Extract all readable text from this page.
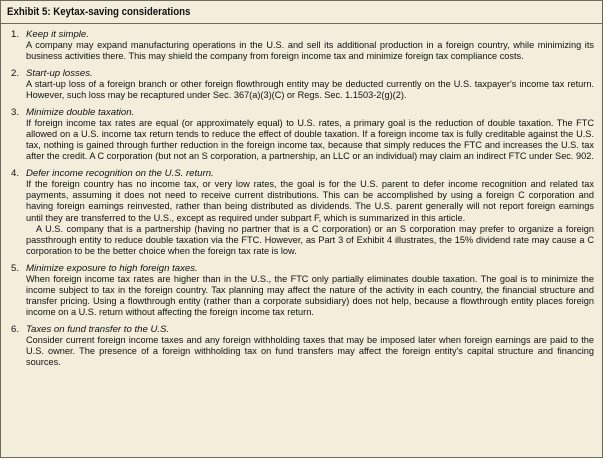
Exhibit 5: Keytax-saving considerations
1. Keep it simple.
A company may expand manufacturing operations in the U.S. and sell its additional production in a foreign country, while minimizing its business activities there. This may shield the company from foreign income tax and minimize foreign tax compliance costs.
2. Start-up losses.
A start-up loss of a foreign branch or other foreign flowthrough entity may be deducted currently on the U.S. taxpayer's income tax return. However, such loss may be recaptured under Sec. 367(a)(3)(C) or Regs. Sec. 1.1503-2(g)(2).
3. Minimize double taxation.
If foreign income tax rates are equal (or approximately equal) to U.S. rates, a primary goal is the reduction of double taxation. The FTC allowed on a U.S. income tax return tends to reduce the effect of double taxation. If a foreign income tax is fully creditable against the U.S. tax, nothing is gained through further reduction in the foreign income tax, because that simply reduces the FTC and increases the U.S. tax after the credit. A C corporation (but not an S corporation, a partnership, an LLC or an individual) may claim an indirect FTC under Sec. 902.
4. Defer income recognition on the U.S. return.
If the foreign country has no income tax, or very low rates, the goal is for the U.S. parent to defer income recognition and related tax payments, assuming it does not need to receive current distributions. This can be accomplished by using a foreign C corporation and having foreign earnings reinvested, rather than being distributed as dividends. The U.S. parent generally will not report foreign earnings until they are transferred to the U.S., except as required under subpart F, which is summarized in this article.
A U.S. company that is a partnership (having no partner that is a C corporation) or an S corporation may prefer to organize a foreign passthrough entity to reduce double taxation via the FTC. However, as Part 3 of Exhibit 4 illustrates, the 15% dividend rate may cause a C corporation to be the better choice when the foreign tax rate is low.
5. Minimize exposure to high foreign taxes.
When foreign income tax rates are higher than in the U.S., the FTC only partially eliminates double taxation. The goal is to minimize the income subject to tax in the foreign country. Tax planning may affect the nature of the activity in each country, the financial structure and transfer pricing. Using a flowthrough entity (rather than a corporate subsidiary) does not help, because a flowthrough entity places foreign income on a U.S. return without affecting the foreign income tax return.
6. Taxes on fund transfer to the U.S.
Consider current foreign income taxes and any foreign withholding taxes that may be imposed later when foreign earnings are paid to the U.S. owner. The presence of a foreign withholding tax on fund transfers may affect the foreign entity's capital structure and financing sources.
